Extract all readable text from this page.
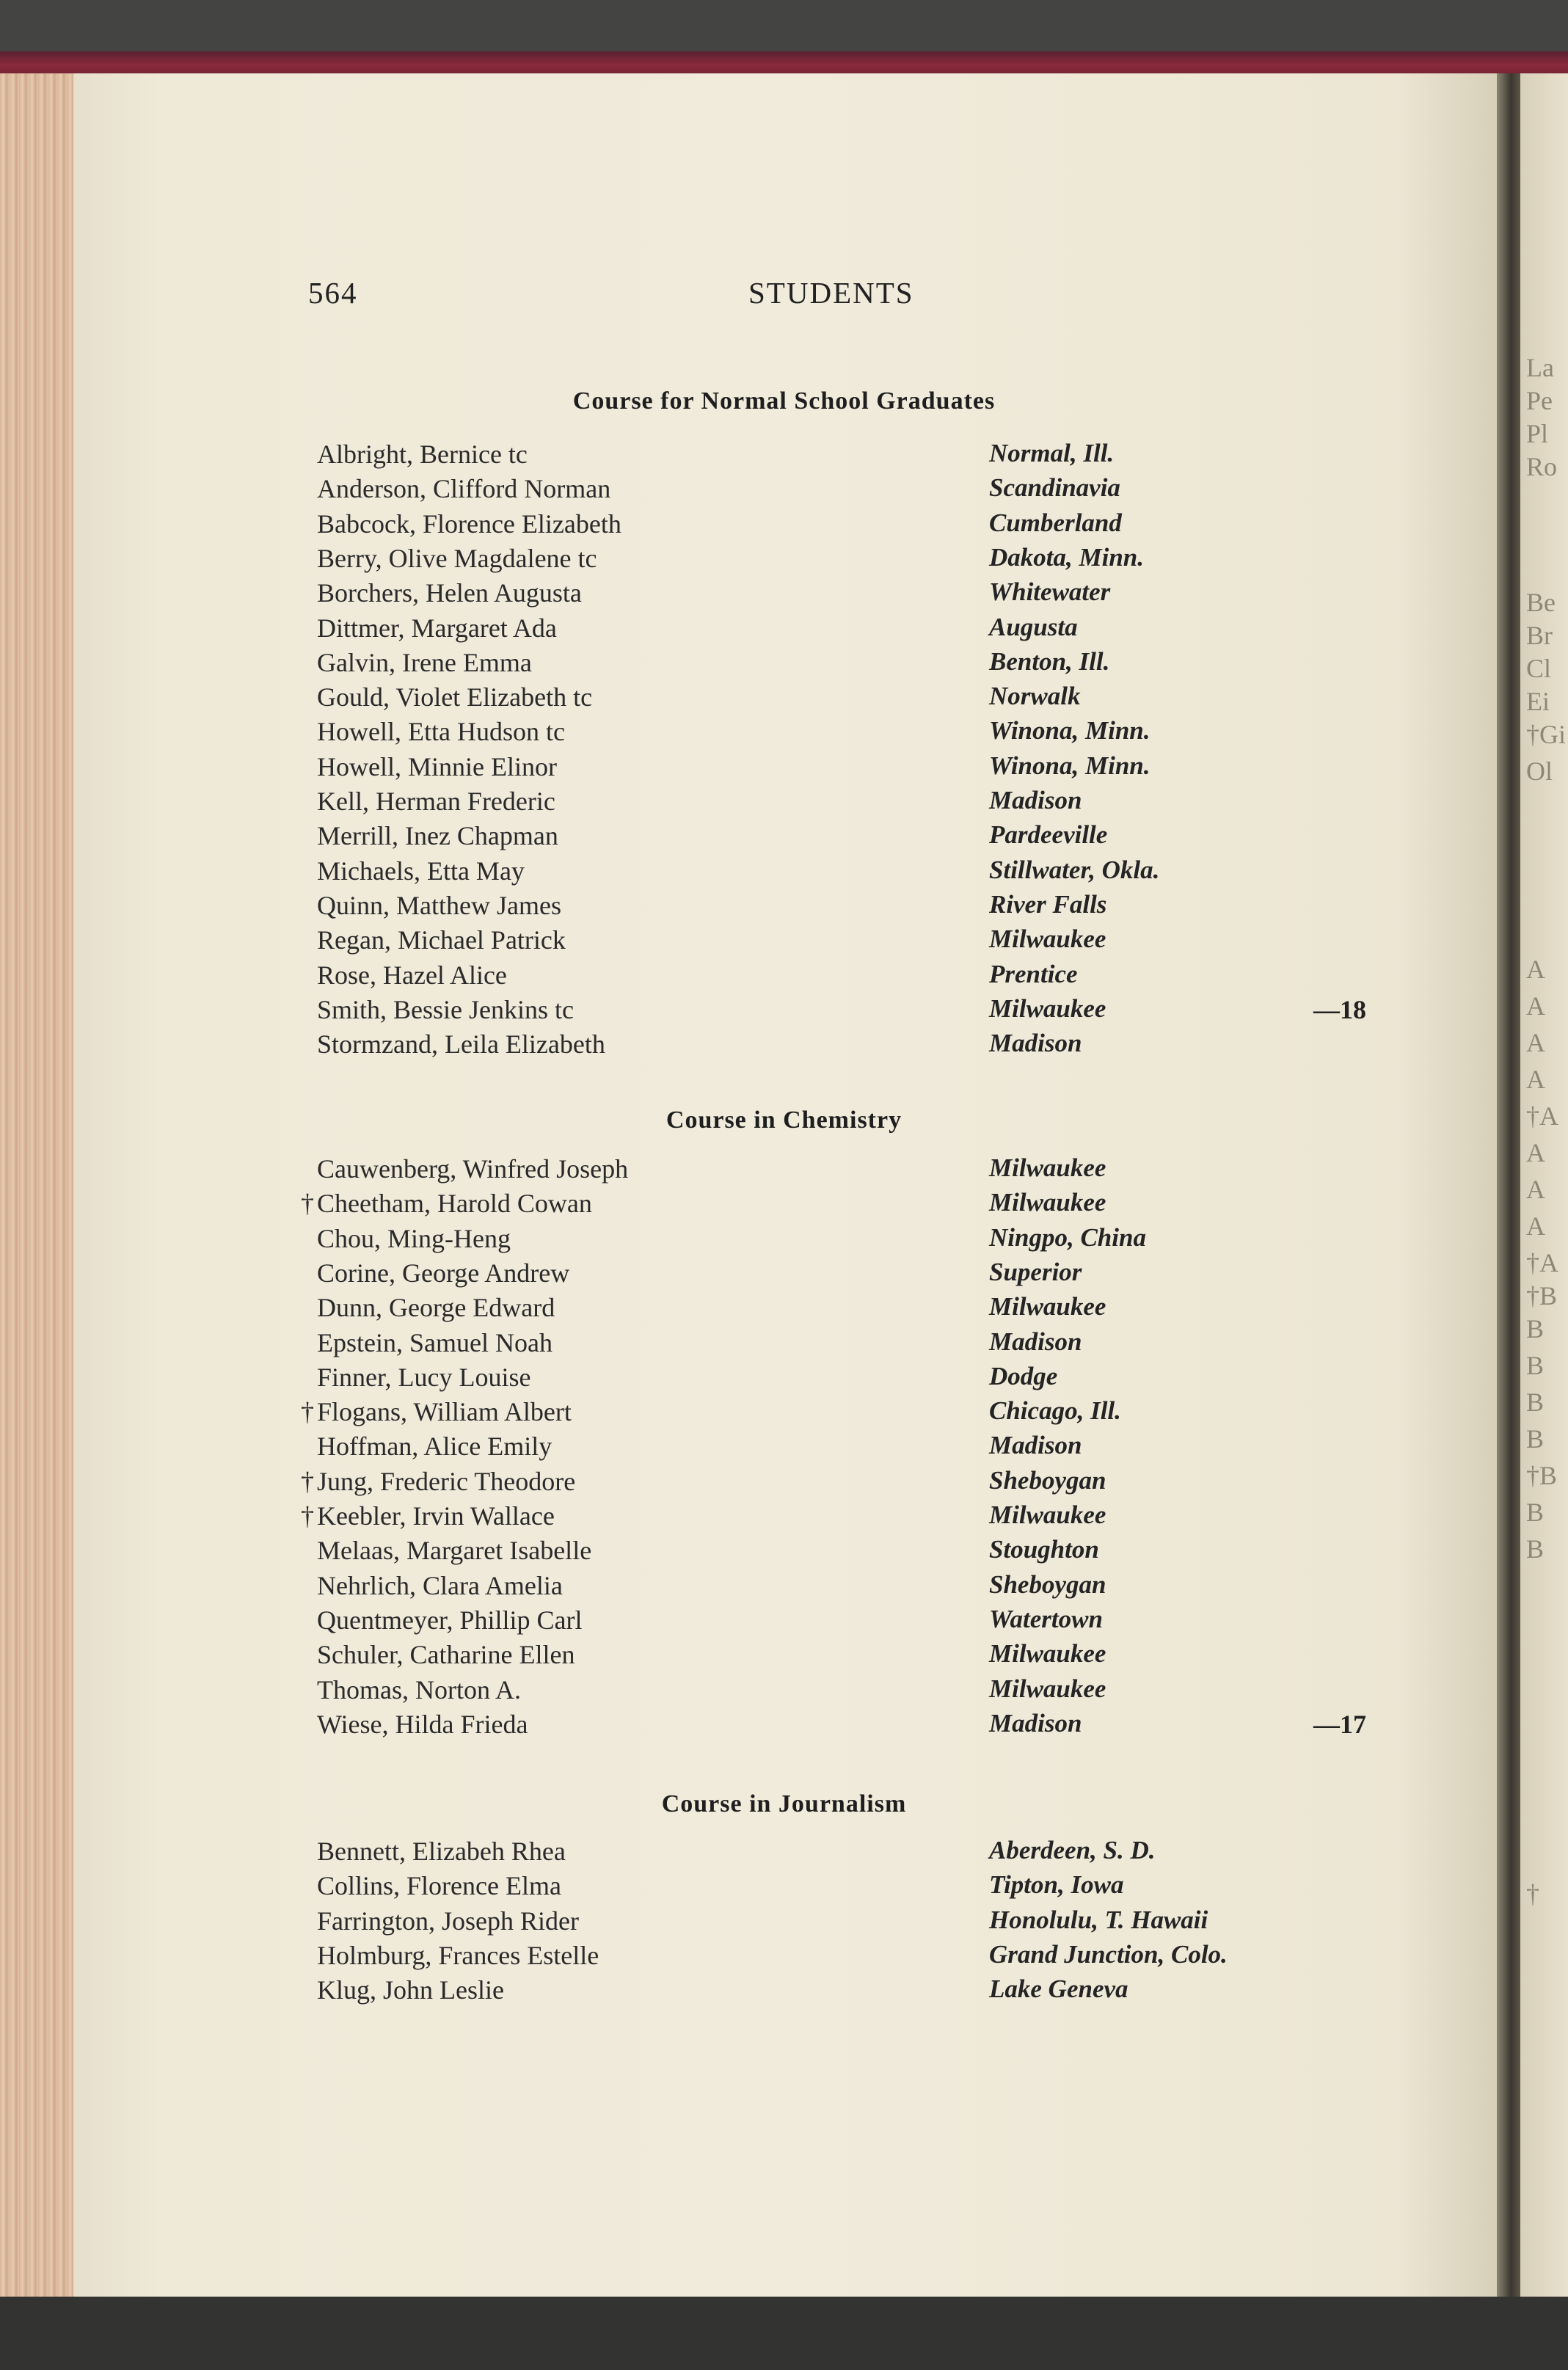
La
Pe
Pl
Ro
Be
Br
Cl
Ei
†Gi
Ol
A
A
A
A
†A
A
A
A
†A
†B
B
B
B
B
†B
B
B
†
564	STUDENTS
Course for Normal School Graduates
Albright, Bernice tc	Normal, Ill.
Anderson, Clifford Norman	Scandinavia
Babcock, Florence Elizabeth	Cumberland
Berry, Olive Magdalene tc	Dakota, Minn.
Borchers, Helen Augusta	Whitewater
Dittmer, Margaret Ada	Augusta
Galvin, Irene Emma	Benton, Ill.
Gould, Violet Elizabeth tc	Norwalk
Howell, Etta Hudson tc	Winona, Minn.
Howell, Minnie Elinor	Winona, Minn.
Kell, Herman Frederic	Madison
Merrill, Inez Chapman	Pardeeville
Michaels, Etta May	Stillwater, Okla.
Quinn, Matthew James	River Falls
Regan, Michael Patrick	Milwaukee
Rose, Hazel Alice	Prentice
Smith, Bessie Jenkins tc	Milwaukee	—18
Stormzand, Leila Elizabeth	Madison
Course in Chemistry
Cauwenberg, Winfred Joseph	Milwaukee
† Cheetham, Harold Cowan	Milwaukee
Chou, Ming-Heng	Ningpo, China
Corine, George Andrew	Superior
Dunn, George Edward	Milwaukee
Epstein, Samuel Noah	Madison
Finner, Lucy Louise	Dodge
† Flogans, William Albert	Chicago, Ill.
Hoffman, Alice Emily	Madison
† Jung, Frederic Theodore	Sheboygan
† Keebler, Irvin Wallace	Milwaukee
Melaas, Margaret Isabelle	Stoughton
Nehrlich, Clara Amelia	Sheboygan
Quentmeyer, Phillip Carl	Watertown
Schuler, Catharine Ellen	Milwaukee
Thomas, Norton A.	Milwaukee
Wiese, Hilda Frieda	Madison	—17
Course in Journalism
Bennett, Elizabeh Rhea	Aberdeen, S. D.
Collins, Florence Elma	Tipton, Iowa
Farrington, Joseph Rider	Honolulu, T. Hawaii
Holmburg, Frances Estelle	Grand Junction, Colo.
Klug, John Leslie	Lake Geneva
